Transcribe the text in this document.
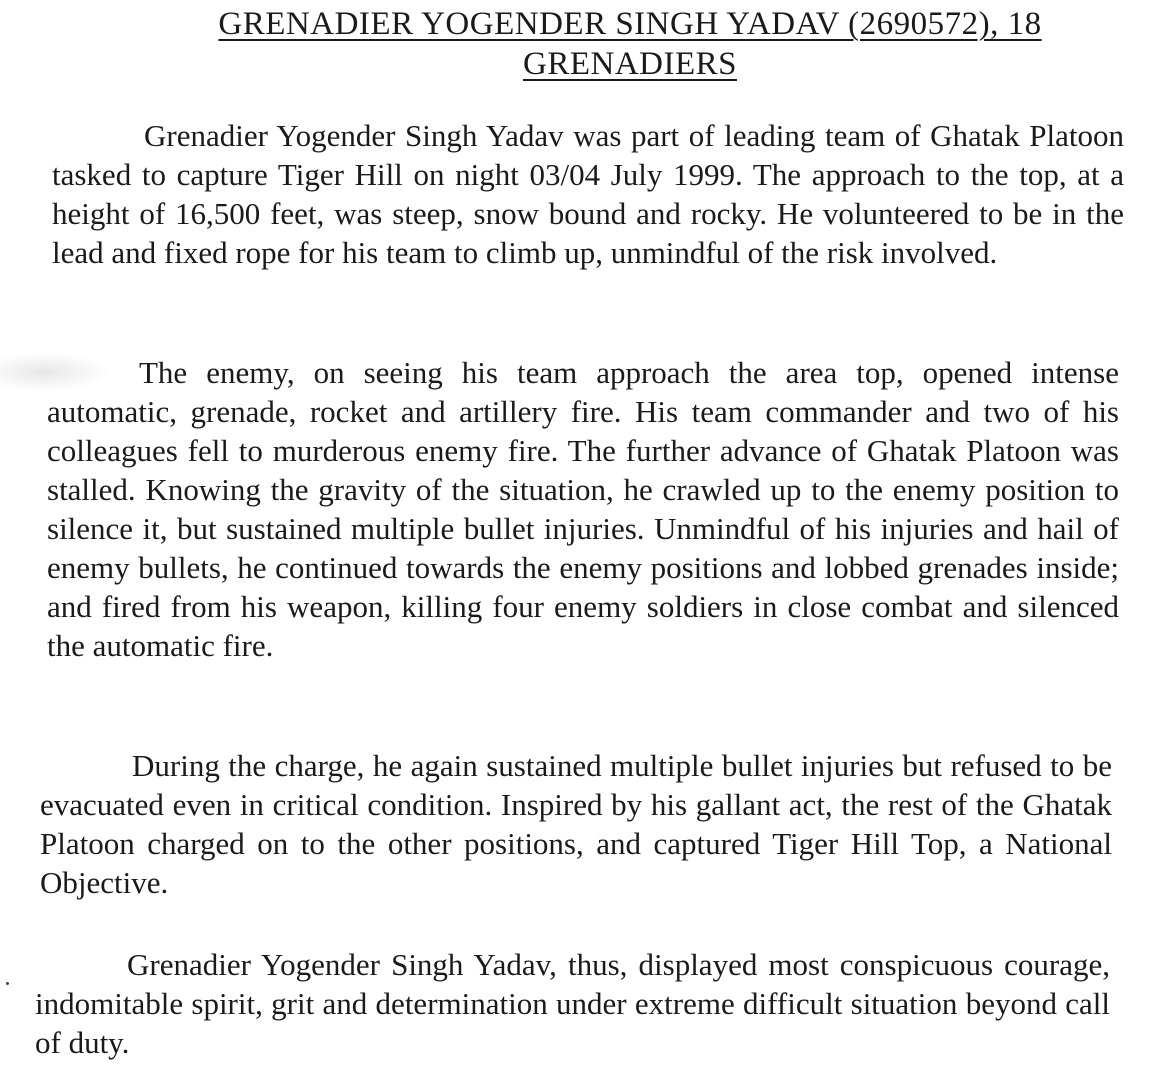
GRENADIER YOGENDER SINGH YADAV (2690572), 18
GRENADIERS

Grenadier Yogender Singh Yadav was part of leading team of Ghatak Platoon tasked to capture Tiger Hill on night 03/04 July 1999. The approach to the top, at a height of 16,500 feet, was steep, snow bound and rocky. He volunteered to be in the lead and fixed rope for his team to climb up, unmindful of the risk involved.

The enemy, on seeing his team approach the area top, opened intense automatic, grenade, rocket and artillery fire. His team commander and two of his colleagues fell to murderous enemy fire. The further advance of Ghatak Platoon was stalled. Knowing the gravity of the situation, he crawled up to the enemy position to silence it, but sustained multiple bullet injuries. Unmindful of his injuries and hail of enemy bullets, he continued towards the enemy positions and lobbed grenades inside; and fired from his weapon, killing four enemy soldiers in close combat and silenced the automatic fire.

During the charge, he again sustained multiple bullet injuries but refused to be evacuated even in critical condition. Inspired by his gallant act, the rest of the Ghatak Platoon charged on to the other positions, and captured Tiger Hill Top, a National Objective.

Grenadier Yogender Singh Yadav, thus, displayed most conspicuous courage, indomitable spirit, grit and determination under extreme difficult situation beyond call of duty.
